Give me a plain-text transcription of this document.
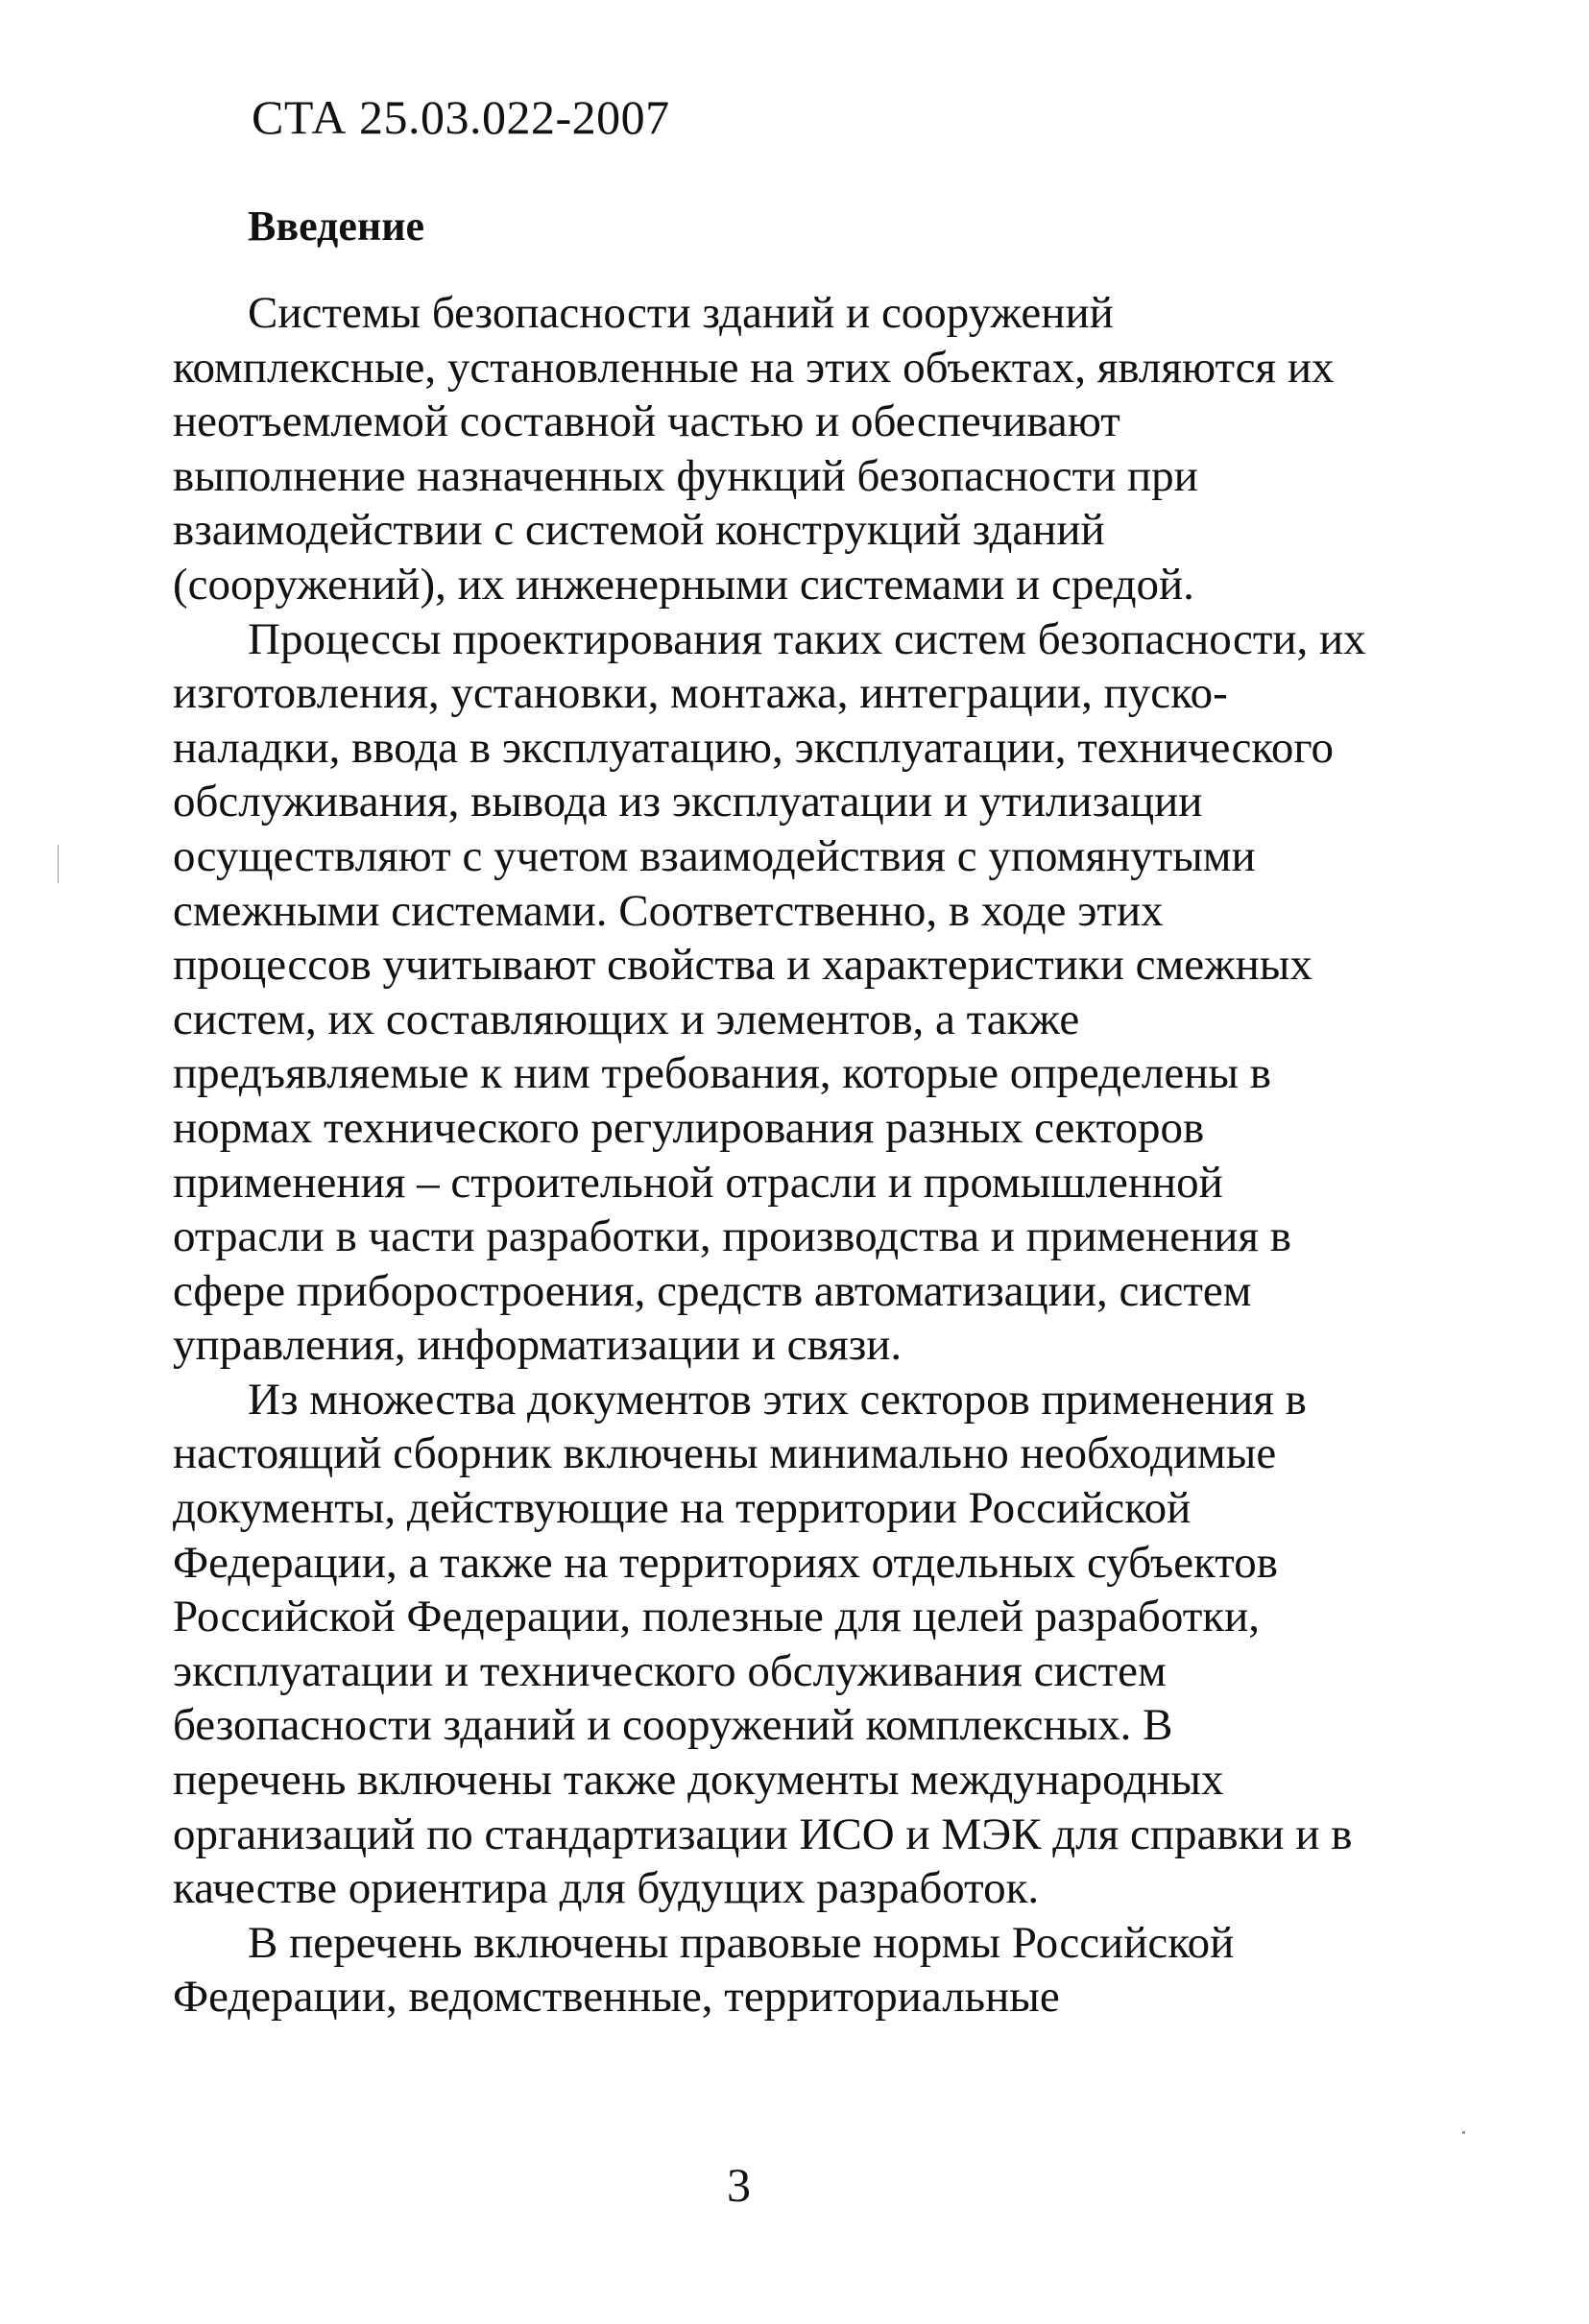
СТА 25.03.022-2007
Введение
Системы безопасности зданий и сооружений
комплексные, установленные на этих объектах, являются их
неотъемлемой составной частью и обеспечивают
выполнение назначенных функций безопасности при
взаимодействии с системой конструкций зданий
(сооружений), их инженерными системами и средой.
Процессы проектирования таких систем безопасности, их
изготовления, установки, монтажа, интеграции, пуско-
наладки, ввода в эксплуатацию, эксплуатации, технического
обслуживания, вывода из эксплуатации и утилизации
осуществляют с учетом взаимодействия с упомянутыми
смежными системами. Соответственно, в ходе этих
процессов учитывают свойства и характеристики смежных
систем, их составляющих и элементов, а также
предъявляемые к ним требования, которые определены в
нормах технического регулирования разных секторов
применения – строительной отрасли и промышленной
отрасли в части разработки, производства и применения в
сфере приборостроения, средств автоматизации, систем
управления, информатизации и связи.
Из множества документов этих секторов применения в
настоящий сборник включены минимально необходимые
документы, действующие на территории Российской
Федерации, а также на территориях отдельных субъектов
Российской Федерации, полезные для целей разработки,
эксплуатации и технического обслуживания систем
безопасности зданий и сооружений комплексных. В
перечень включены также документы международных
организаций по стандартизации ИСО и МЭК для справки и в
качестве ориентира для будущих разработок.
В перечень включены правовые нормы Российской
Федерации, ведомственные, территориальные
3
